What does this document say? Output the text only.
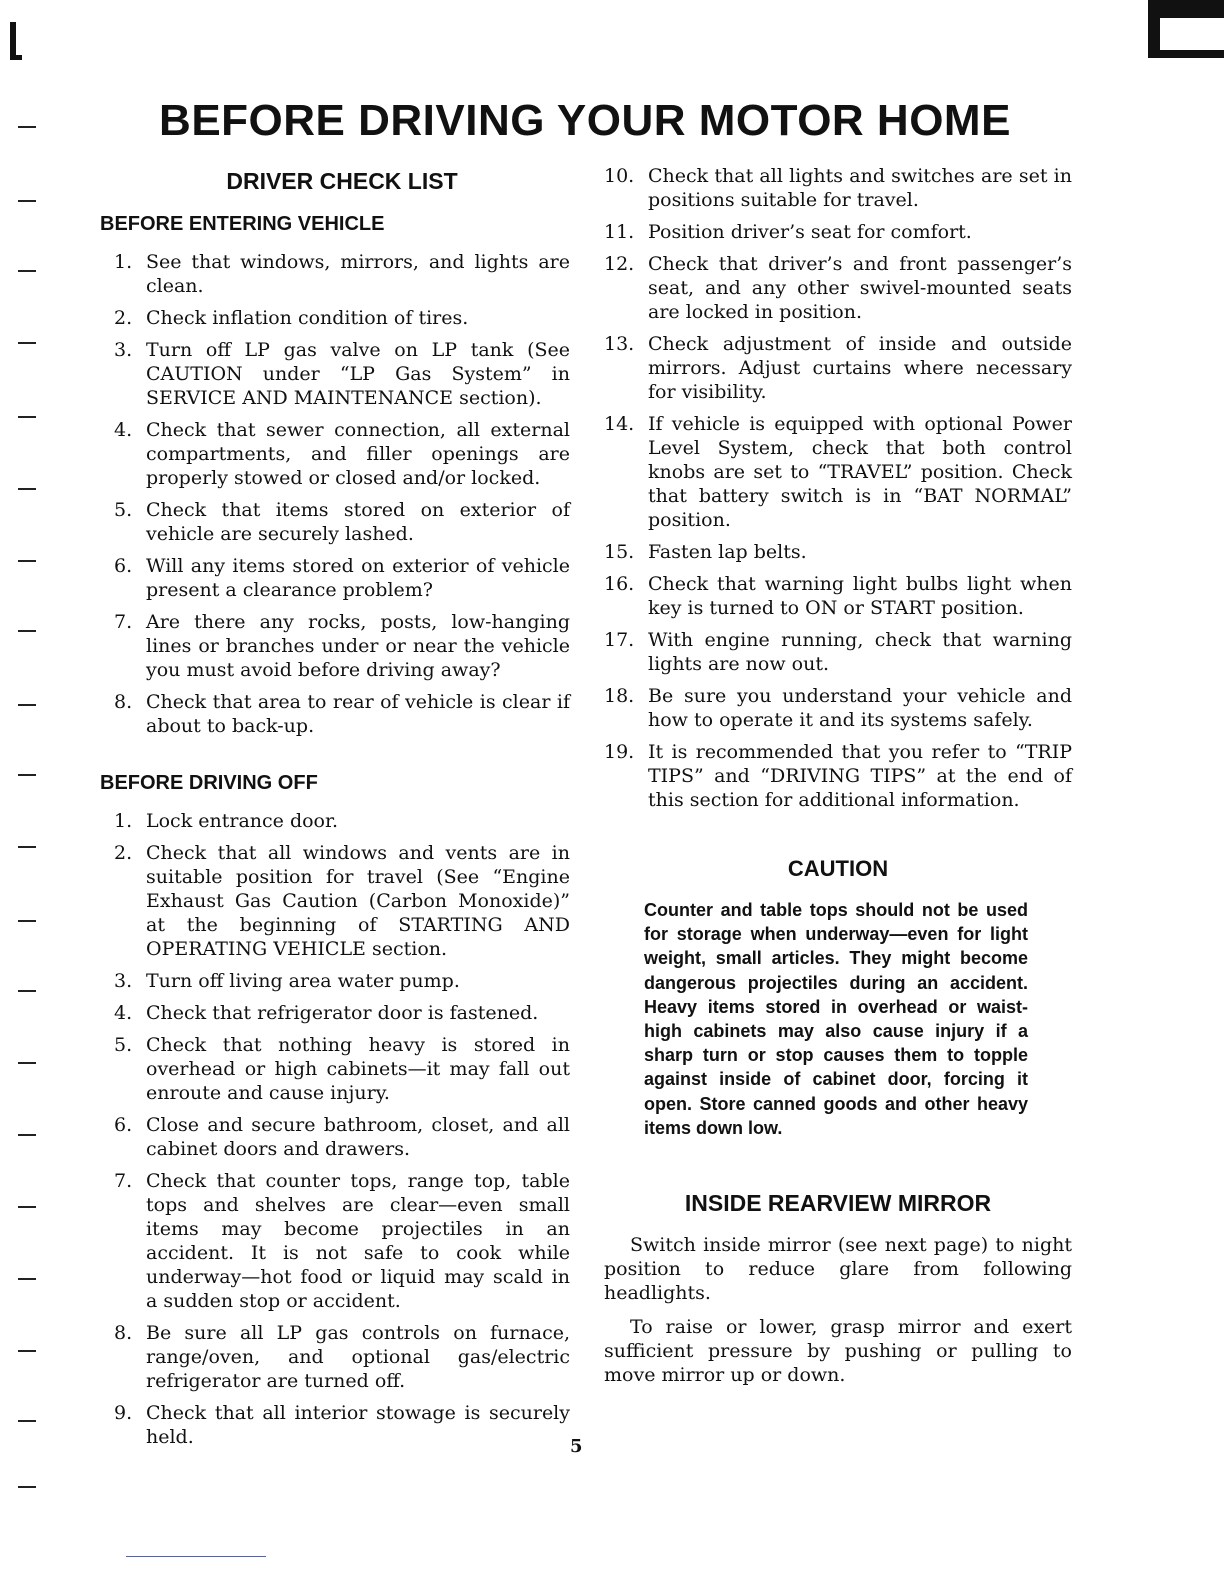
BEFORE DRIVING YOUR MOTOR HOME
DRIVER CHECK LIST
BEFORE ENTERING VEHICLE
1. See that windows, mirrors, and lights are clean.
2. Check inflation condition of tires.
3. Turn off LP gas valve on LP tank (See CAUTION under “LP Gas System” in SERVICE AND MAINTENANCE section).
4. Check that sewer connection, all external compartments, and filler openings are properly stowed or closed and/or locked.
5. Check that items stored on exterior of vehicle are securely lashed.
6. Will any items stored on exterior of vehicle present a clearance problem?
7. Are there any rocks, posts, low-hanging lines or branches under or near the vehicle you must avoid before driving away?
8. Check that area to rear of vehicle is clear if about to back-up.
BEFORE DRIVING OFF
1. Lock entrance door.
2. Check that all windows and vents are in suitable position for travel (See “Engine Exhaust Gas Caution (Carbon Monoxide)” at the beginning of STARTING AND OPERATING VEHICLE section.
3. Turn off living area water pump.
4. Check that refrigerator door is fastened.
5. Check that nothing heavy is stored in overhead or high cabinets—it may fall out enroute and cause injury.
6. Close and secure bathroom, closet, and all cabinet doors and drawers.
7. Check that counter tops, range top, table tops and shelves are clear—even small items may become projectiles in an accident. It is not safe to cook while underway—hot food or liquid may scald in a sudden stop or accident.
8. Be sure all LP gas controls on furnace, range/oven, and optional gas/electric refrigerator are turned off.
9. Check that all interior stowage is securely held.
10. Check that all lights and switches are set in positions suitable for travel.
11. Position driver’s seat for comfort.
12. Check that driver’s and front passenger’s seat, and any other swivel-mounted seats are locked in position.
13. Check adjustment of inside and outside mirrors. Adjust curtains where necessary for visibility.
14. If vehicle is equipped with optional Power Level System, check that both control knobs are set to “TRAVEL” position. Check that battery switch is in “BAT NORMAL” position.
15. Fasten lap belts.
16. Check that warning light bulbs light when key is turned to ON or START position.
17. With engine running, check that warning lights are now out.
18. Be sure you understand your vehicle and how to operate it and its systems safely.
19. It is recommended that you refer to “TRIP TIPS” and “DRIVING TIPS” at the end of this section for additional information.
CAUTION
Counter and table tops should not be used for storage when underway—even for light weight, small articles. They might become dangerous projectiles during an accident. Heavy items stored in overhead or waist-high cabinets may also cause injury if a sharp turn or stop causes them to topple against inside of cabinet door, forcing it open. Store canned goods and other heavy items down low.
INSIDE REARVIEW MIRROR

Switch inside mirror (see next page) to night position to reduce glare from following headlights.

To raise or lower, grasp mirror and exert sufficient pressure by pushing or pulling to move mirror up or down.

5
